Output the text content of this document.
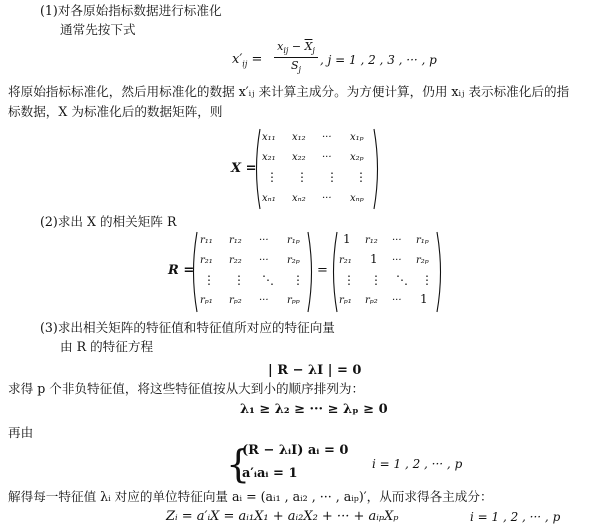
(1)对各原始指标数据进行标准化
通常先按下式
$x'_{ij}$ =
$x_{ij} - \overline{X}_j$
$S_j$
, j = 1 , 2 , 3 , ··· , p
将原始指标标准化，然后用标准化的数据 x′ᵢⱼ 来计算主成分。为方便计算，仍用 xᵢⱼ 表示标准化后的指
标数据，X 为标准化后的数据矩阵，则
X =
x₁₁ x₁₂ ··· x₁ₚ
x₂₁ x₂₂ ··· x₂ₚ
⋮ ⋮ ⋮ ⋮
xₙ₁ xₙ₂ ··· xₙₚ
(2)求出 X 的相关矩阵 R
R =
r₁₁ r₁₂ ··· r₁ₚ
r₂₁ r₂₂ ··· r₂ₚ
⋮ ⋮ ⋱ ⋮
rₚ₁ rₚ₂ ··· rₚₚ
=
1 r₁₂ ··· r₁ₚ
r₂₁ 1 ··· r₂ₚ
⋮ ⋮ ⋱ ⋮
rₚ₁ rₚ₂ ··· 1
(3)求出相关矩阵的特征值和特征值所对应的特征向量
由 R 的特征方程
| R − λI | = 0
求得 p 个非负特征值，将这些特征值按从大到小的顺序排列为：
λ₁ ≥ λ₂ ≥ ··· ≥ λₚ ≥ 0
再由
{
(R − λᵢI) aᵢ = 0
a′ᵢaᵢ = 1
i = 1 , 2 , ··· , p
解得每一特征值 λᵢ 对应的单位特征向量 aᵢ = (aᵢ₁ , aᵢ₂ , ··· , aᵢₚ)′，从而求得各主成分：
Zᵢ = a′ᵢX = aᵢ₁X₁ + aᵢ₂X₂ + ··· + aᵢₚXₚ	i = 1 , 2 , ··· , p
